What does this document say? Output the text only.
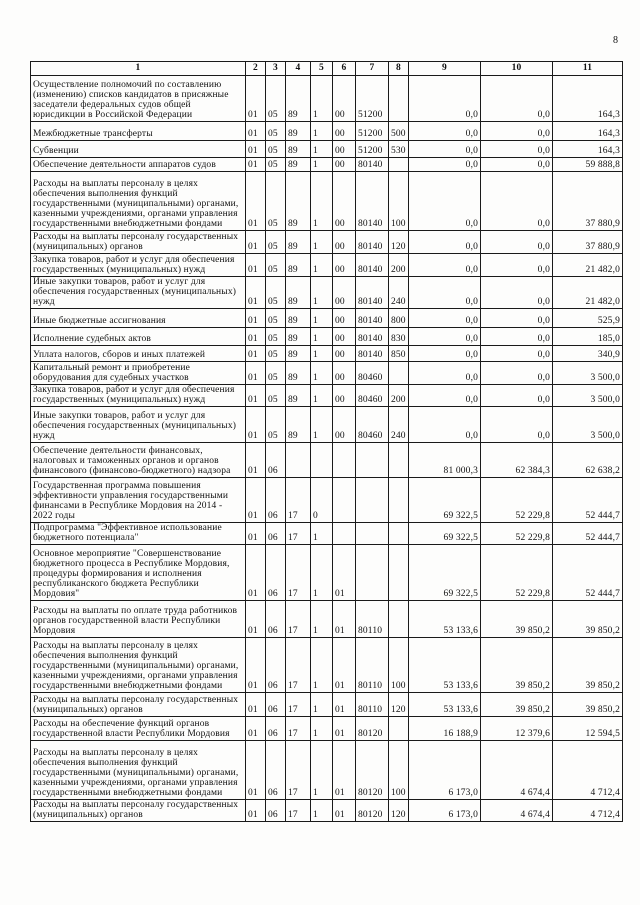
8
1	2	3	4	5	6	7	8	9	10	11
Осуществление полномочий по составлению (изменению) списков кандидатов в присяжные заседатели федеральных судов общей юрисдикции в Российской Федерации	01	05	89	1	00	51200		0,0	0,0	164,3
Межбюджетные трансферты	01	05	89	1	00	51200	500	0,0	0,0	164,3
Субвенции	01	05	89	1	00	51200	530	0,0	0,0	164,3
Обеспечение деятельности аппаратов судов	01	05	89	1	00	80140		0,0	0,0	59 888,8
Расходы на выплаты персоналу в целях обеспечения выполнения функций государственными (муниципальными) органами, казенными учреждениями, органами управления государственными внебюджетными фондами	01	05	89	1	00	80140	100	0,0	0,0	37 880,9
Расходы на выплаты персоналу государственных (муниципальных) органов	01	05	89	1	00	80140	120	0,0	0,0	37 880,9
Закупка товаров, работ и услуг для обеспечения государственных (муниципальных) нужд	01	05	89	1	00	80140	200	0,0	0,0	21 482,0
Иные закупки товаров, работ и услуг для обеспечения государственных (муниципальных) нужд	01	05	89	1	00	80140	240	0,0	0,0	21 482,0
Иные бюджетные ассигнования	01	05	89	1	00	80140	800	0,0	0,0	525,9
Исполнение судебных актов	01	05	89	1	00	80140	830	0,0	0,0	185,0
Уплата налогов, сборов и иных платежей	01	05	89	1	00	80140	850	0,0	0,0	340,9
Капитальный ремонт и приобретение оборудования для судебных участков	01	05	89	1	00	80460		0,0	0,0	3 500,0
Закупка товаров, работ и услуг для обеспечения государственных (муниципальных) нужд	01	05	89	1	00	80460	200	0,0	0,0	3 500,0
Иные закупки товаров, работ и услуг для обеспечения государственных (муниципальных) нужд	01	05	89	1	00	80460	240	0,0	0,0	3 500,0
Обеспечение деятельности финансовых, налоговых и таможенных органов и органов финансового (финансово-бюджетного) надзора	01	06						81 000,3	62 384,3	62 638,2
Государственная программа повышения эффективности управления государственными финансами в Республике Мордовия на 2014 - 2022 годы	01	06	17	0				69 322,5	52 229,8	52 444,7
Подпрограмма "Эффективное использование бюджетного потенциала"	01	06	17	1				69 322,5	52 229,8	52 444,7
Основное мероприятие "Совершенствование бюджетного процесса в Республике Мордовия, процедуры формирования и исполнения республиканского бюджета Республики Мордовия"	01	06	17	1	01			69 322,5	52 229,8	52 444,7
Расходы на выплаты по оплате труда работников органов государственной власти Республики Мордовия	01	06	17	1	01	80110		53 133,6	39 850,2	39 850,2
Расходы на выплаты персоналу в целях обеспечения выполнения функций государственными (муниципальными) органами, казенными учреждениями, органами управления государственными внебюджетными фондами	01	06	17	1	01	80110	100	53 133,6	39 850,2	39 850,2
Расходы на выплаты персоналу государственных (муниципальных) органов	01	06	17	1	01	80110	120	53 133,6	39 850,2	39 850,2
Расходы на обеспечение функций органов государственной власти Республики Мордовия	01	06	17	1	01	80120		16 188,9	12 379,6	12 594,5
Расходы на выплаты персоналу в целях обеспечения выполнения функций государственными (муниципальными) органами, казенными учреждениями, органами управления государственными внебюджетными фондами	01	06	17	1	01	80120	100	6 173,0	4 674,4	4 712,4
Расходы на выплаты персоналу государственных (муниципальных) органов	01	06	17	1	01	80120	120	6 173,0	4 674,4	4 712,4
